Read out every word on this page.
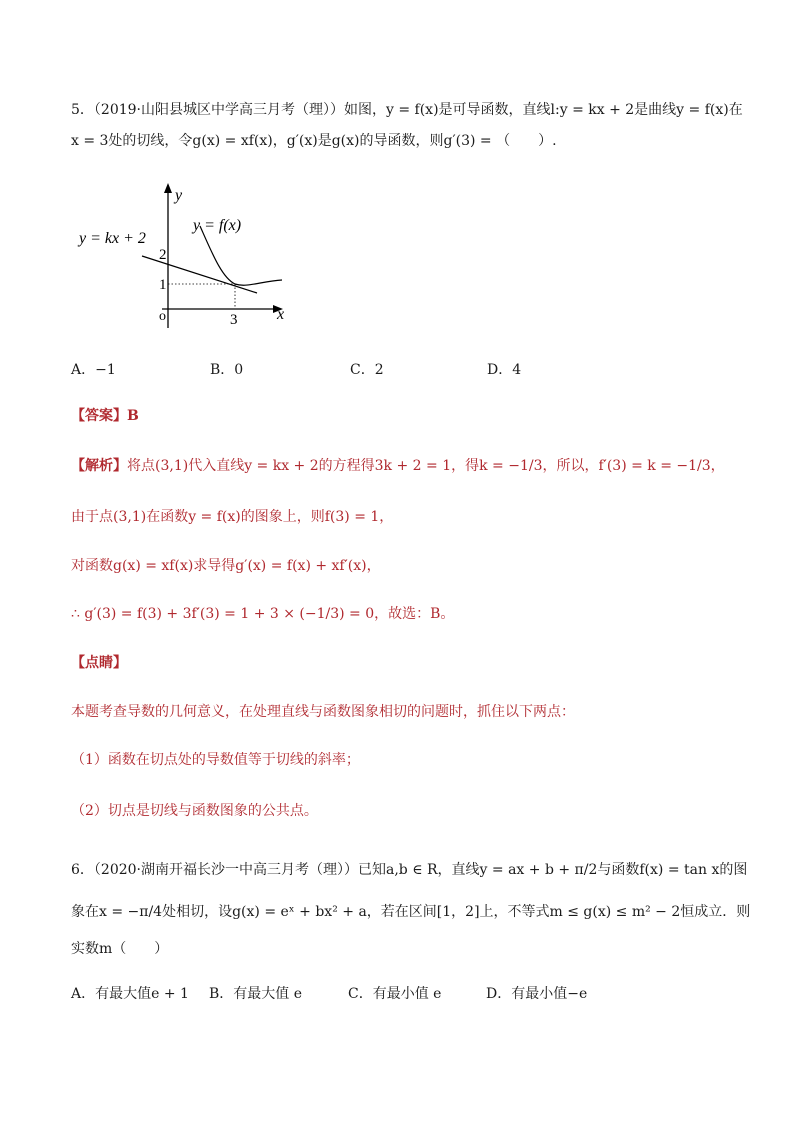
5．（2019·山阳县城区中学高三月考（理））如图，y = f(x)是可导函数，直线l:y = kx + 2是曲线y = f(x)在
x = 3处的切线，令g(x) = xf(x)，g′(x)是g(x)的导函数，则g′(3) = （　　）.
y = kx + 2
y = f(x)
y
x
2
1
3
o
A．−1	B．0	C．2	D．4
【答案】B
【解析】将点(3,1)代入直线y = kx + 2的方程得3k + 2 = 1，得k = −1/3，所以，f′(3) = k = −1/3，
由于点(3,1)在函数y = f(x)的图象上，则f(3) = 1，
对函数g(x) = xf(x)求导得g′(x) = f(x) + xf′(x)，
∴ g′(3) = f(3) + 3f′(3) = 1 + 3 × (−1/3) = 0，故选：B。
【点睛】
本题考查导数的几何意义，在处理直线与函数图象相切的问题时，抓住以下两点：
（1）函数在切点处的导数值等于切线的斜率；
（2）切点是切线与函数图象的公共点。
6．（2020·湖南开福长沙一中高三月考（理））已知a,b ∈ R，直线y = ax + b + π/2与函数f(x) = tan x的图
象在x = −π/4处相切，设g(x) = eˣ + bx² + a，若在区间[1，2]上，不等式m ≤ g(x) ≤ m² − 2恒成立．则
实数m（　　）
A．有最大值e + 1 B．有最大值 e	C．有最小值 e	D．有最小值−e
